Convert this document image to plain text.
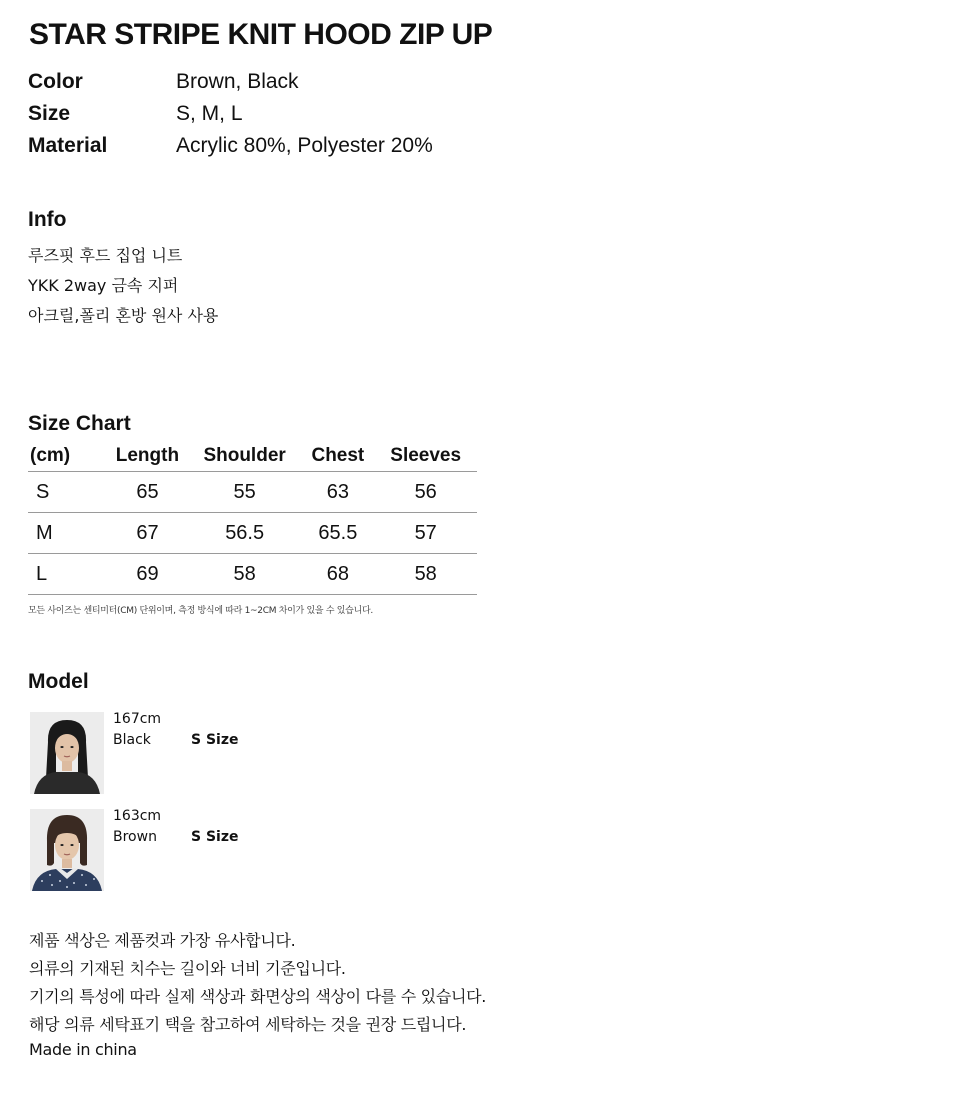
STAR STRIPE KNIT HOOD ZIP UP
Color	Brown, Black
Size	S, M, L
Material	Acrylic 80%, Polyester 20%
Info
루즈핏 후드 집업 니트
YKK 2way 금속 지퍼
아크릴,폴리 혼방 원사 사용
Size Chart
(cm)	Length	Shoulder	Chest	Sleeves
S	65	55	63	56
M	67	56.5	65.5	57
L	69	58	68	58
모든 사이즈는 센티미터(CM) 단위이며, 측정 방식에 따라 1~2CM 차이가 있을 수 있습니다.
Model
167cm
Black	S Size
163cm
Brown S Size
제품 색상은 제품컷과 가장 유사합니다.
의류의 기재된 치수는 길이와 너비 기준입니다.
기기의 특성에 따라 실제 색상과 화면상의 색상이 다를 수 있습니다.
해당 의류 세탁표기 택을 참고하여 세탁하는 것을 권장 드립니다.
Made in china
